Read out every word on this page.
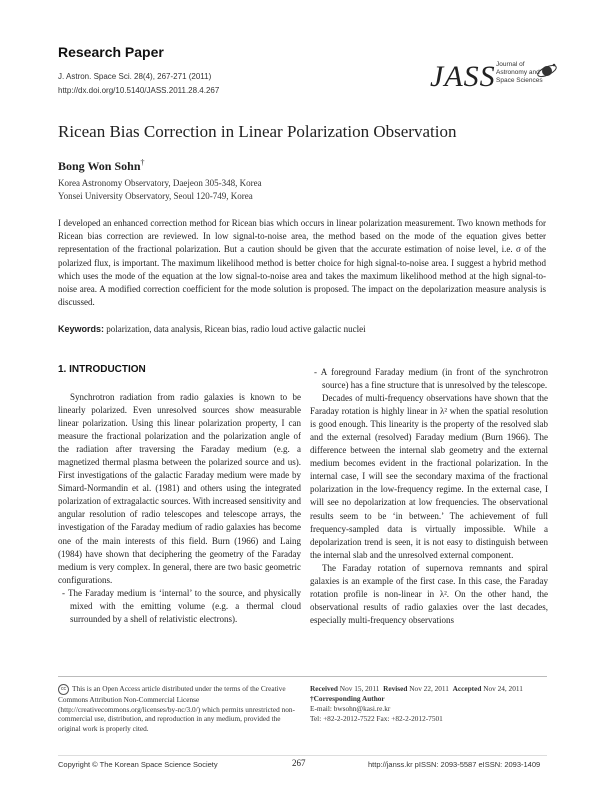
Research Paper
J. Astron. Space Sci. 28(4), 267-271 (2011)
http://dx.doi.org/10.5140/JASS.2011.28.4.267	JASS Journal of
Astronomy and
Space Sciences
Ricean Bias Correction in Linear Polarization Observation
Bong Won Sohn†
Korea Astronomy Observatory, Daejeon 305-348, Korea
Yonsei University Observatory, Seoul 120-749, Korea
I developed an enhanced correction method for Ricean bias which occurs in linear polarization measurement. Two known methods for Ricean bias correction are reviewed. In low signal-to-noise area, the method based on the mode of the equation gives better representation of the fractional polarization. But a caution should be given that the accurate estimation of noise level, i.e. σ of the polarized flux, is important. The maximum likelihood method is better choice for high signal-to-noise area. I suggest a hybrid method which uses the mode of the equation at the low signal-to-noise area and takes the maximum likelihood method at the high signal-to-noise area. A modified correction coefficient for the mode solution is proposed. The impact on the depolarization measure analysis is discussed.
Keywords: polarization, data analysis, Ricean bias, radio loud active galactic nuclei
1. INTRODUCTION

Synchrotron radiation from radio galaxies is known to be linearly polarized. Even unresolved sources show measurable linear polarization. Using this linear polarization property, I can measure the fractional polarization and the polarization angle of the radiation after traversing the Faraday medium (e.g. a magnetized thermal plasma between the polarized source and us). First investigations of the galactic Faraday medium were made by Simard-Normandin et al. (1981) and others using the integrated polarization of extragalactic sources. With increased sensitivity and angular resolution of radio telescopes and telescope arrays, the investigation of the Faraday medium of radio galaxies has become one of the main interests of this field. Burn (1966) and Laing (1984) have shown that deciphering the geometry of the Faraday medium is very complex. In general, there are two basic geometric configurations.

- The Faraday medium is ‘internal’ to the source, and physically mixed with the emitting volume (e.g. a thermal cloud surrounded by a shell of relativistic electrons).

- A foreground Faraday medium (in front of the synchrotron source) has a fine structure that is unresolved by the telescope.

Decades of multi-frequency observations have shown that the Faraday rotation is highly linear in λ² when the spatial resolution is good enough. This linearity is the property of the resolved slab and the external (resolved) Faraday medium (Burn 1966). The difference between the internal slab geometry and the external medium becomes evident in the fractional polarization. In the internal case, I will see the secondary maxima of the fractional polarization in the low-frequency regime. In the external case, I will see no depolarization at low frequencies. The observational results seem to be ‘in between.’ The achievement of full frequency-sampled data is virtually impossible. While a depolarization trend is seen, it is not easy to distinguish between the internal slab and the unresolved external component.

The Faraday rotation of supernova remnants and spiral galaxies is an example of the first case. In this case, the Faraday rotation profile is non-linear in λ². On the other hand, the observational results of radio galaxies over the last decades, especially multi-frequency observations

cc This is an Open Access article distributed under the terms of the Creative Commons Attribution Non-Commercial License (http://creativecommons.org/licenses/by-nc/3.0/) which permits unrestricted non-commercial use, distribution, and reproduction in any medium, provided the original work is properly cited.
Received Nov 15, 2011 Revised Nov 22, 2011 Accepted Nov 24, 2011
†Corresponding Author
E-mail: bwsohn@kasi.re.kr
Tel: +82-2-2012-7522 Fax: +82-2-2012-7501
Copyright © The Korean Space Science Society	267	http://janss.kr pISSN: 2093-5587 eISSN: 2093-1409
